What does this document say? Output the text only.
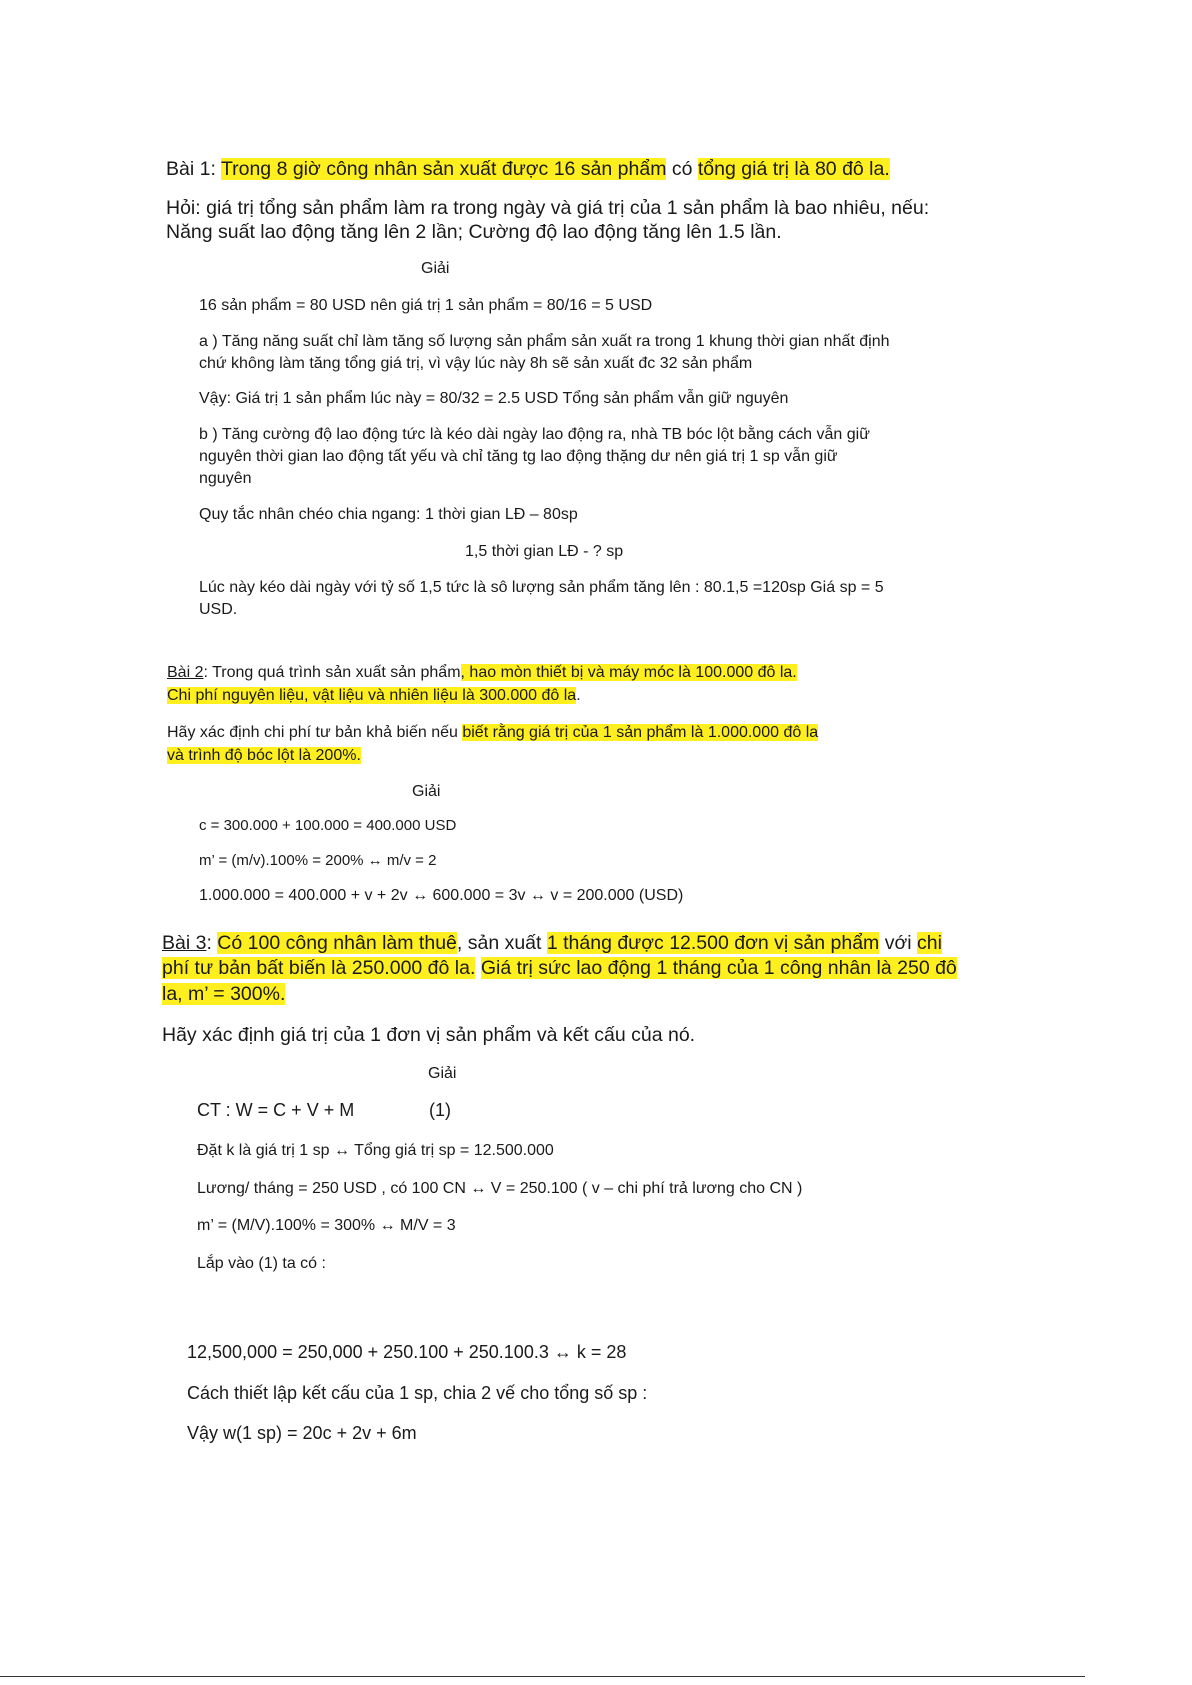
Bài 1: Trong 8 giờ công nhân sản xuất được 16 sản phẩm có tổng giá trị là 80 đô la.
Hỏi: giá trị tổng sản phẩm làm ra trong ngày và giá trị của 1 sản phẩm là bao nhiêu, nếu:
Năng suất lao động tăng lên 2 lần; Cường độ lao động tăng lên 1.5 lần.
Giải
16 sản phẩm = 80 USD nên giá trị 1 sản phẩm = 80/16 = 5 USD
a ) Tăng năng suất chỉ làm tăng số lượng sản phẩm sản xuất ra trong 1 khung thời gian nhất định
chứ không làm tăng tổng giá trị, vì vậy lúc này 8h sẽ sản xuất đc 32 sản phẩm
Vậy: Giá trị 1 sản phẩm lúc này = 80/32 = 2.5 USD Tổng sản phẩm vẫn giữ nguyên
b ) Tăng cường độ lao động tức là kéo dài ngày lao động ra, nhà TB bóc lột bằng cách vẫn giữ
nguyên thời gian lao động tất yếu và chỉ tăng tg lao động thặng dư nên giá trị 1 sp vẫn giữ
nguyên
Quy tắc nhân chéo chia ngang: 1 thời gian LĐ – 80sp
1,5 thời gian LĐ - ? sp
Lúc này kéo dài ngày với tỷ số 1,5 tức là sô lượng sản phẩm tăng lên : 80.1,5 =120sp Giá sp = 5
USD.
Bài 2: Trong quá trình sản xuất sản phẩm, hao mòn thiết bị và máy móc là 100.000 đô la.
Chi phí nguyên liệu, vật liệu và nhiên liệu là 300.000 đô la.
Hãy xác định chi phí tư bản khả biến nếu biết rằng giá trị của 1 sản phẩm là 1.000.000 đô la
và trình độ bóc lột là 200%.
Giải
c = 300.000 + 100.000 = 400.000 USD
m’ = (m/v).100% = 200% ↔ m/v = 2
1.000.000 = 400.000 + v + 2v ↔ 600.000 = 3v ↔ v = 200.000 (USD)
Bài 3: Có 100 công nhân làm thuê, sản xuất 1 tháng được 12.500 đơn vị sản phẩm với chi
phí tư bản bất biến là 250.000 đô la. Giá trị sức lao động 1 tháng của 1 công nhân là 250 đô
la, m’ = 300%.
Hãy xác định giá trị của 1 đơn vị sản phẩm và kết cấu của nó.
Giải
CT : W = C + V + M	(1)
Đặt k là giá trị 1 sp ↔ Tổng giá trị sp = 12.500.000
Lương/ tháng = 250 USD , có 100 CN ↔ V = 250.100 ( v – chi phí trả lương cho CN )
m’ = (M/V).100% = 300% ↔ M/V = 3
Lắp vào (1) ta có :
12,500,000 = 250,000 + 250.100 + 250.100.3 ↔ k = 28
Cách thiết lập kết cấu của 1 sp, chia 2 vế cho tổng số sp :
Vậy w(1 sp) = 20c + 2v + 6m
